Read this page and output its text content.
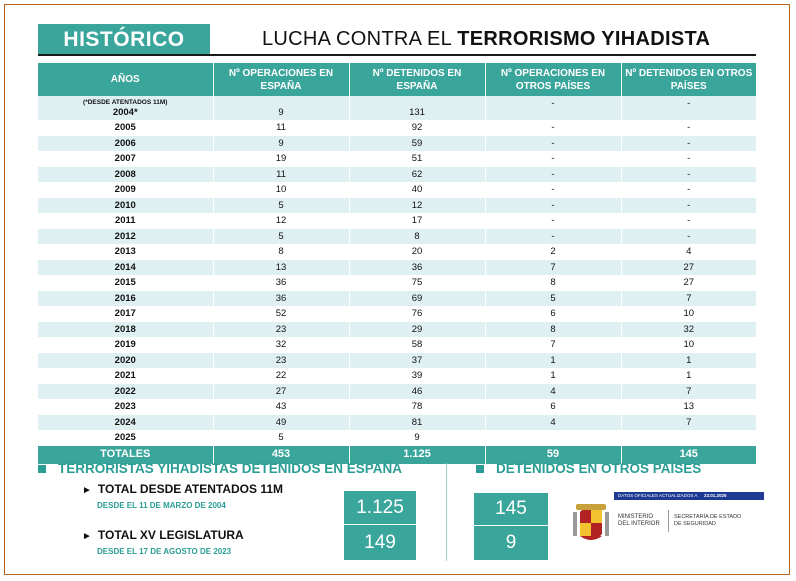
HISTÓRICO	LUCHA CONTRA EL TERRORISMO YIHADISTA
AÑOS	Nº OPERACIONES EN ESPAÑA	Nº DETENIDOS EN ESPAÑA	Nº OPERACIONES EN OTROS PAÍSES	Nº DETENIDOS EN OTROS PAÍSES

(*DESDE ATENTADOS 11M)
2004*	9	131	-	-
2005	11	92	-	-
2006	9	59	-	-
2007	19	51	-	-
2008	11	62	-	-
2009	10	40	-	-
2010	5	12	-	-
2011	12	17	-	-
2012	5	8	-	-
2013	8	20	2	4
2014	13	36	7	27
2015	36	75	8	27
2016	36	69	5	7
2017	52	76	6	10
2018	23	29	8	32
2019	32	58	7	10
2020	23	37	1	1
2021	22	39	1	1
2022	27	46	4	7
2023	43	78	6	13
2024	49	81	4	7
2025	5	9		
TOTALES	453	1.125	59	145
TERRORISTAS YIHADISTAS DETENIDOS EN ESPAÑA
► TOTAL DESDE ATENTADOS 11M
DESDE EL 11 DE MARZO DE 2004
► TOTAL XV LEGISLATURA
DESDE EL 17 DE AGOSTO DE 2023
1.125
149
DETENIDOS EN OTROS PAÍSES
145
9
DATOS OFICIALES ACTUALIZADOS A 23.01.2025
MINISTERIO
DEL INTERIOR
SECRETARÍA DE ESTADO
DE SEGURIDAD
